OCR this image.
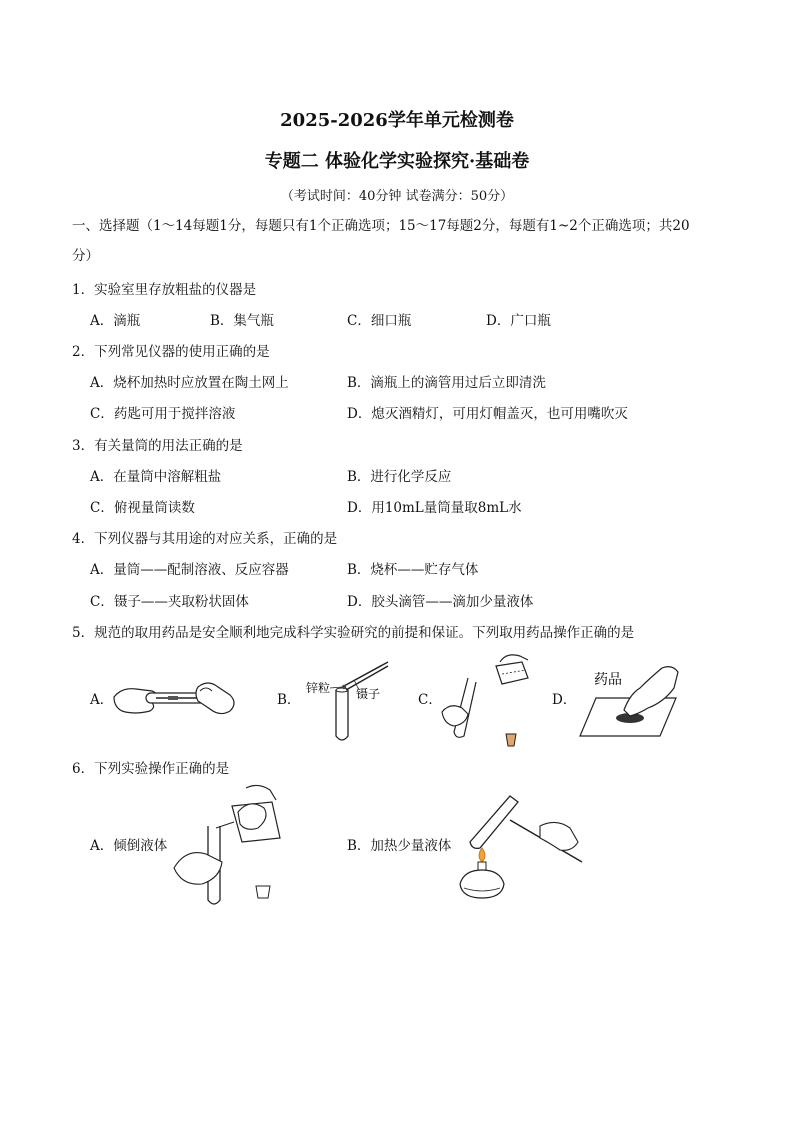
2025-2026学年单元检测卷
专题二 体验化学实验探究·基础卷
（考试时间：40分钟 试卷满分：50分）
一、选择题（1～14每题1分，每题只有1个正确选项；15～17每题2分，每题有1~2个正确选项；共20
分）
1．实验室里存放粗盐的仪器是
A．滴瓶	B．集气瓶	C．细口瓶	D．广口瓶
2．下列常见仪器的使用正确的是
A．烧杯加热时应放置在陶土网上	B．滴瓶上的滴管用过后立即清洗
C．药匙可用于搅拌溶液	D．熄灭酒精灯，可用灯帽盖灭，也可用嘴吹灭
3．有关量筒的用法正确的是
A．在量筒中溶解粗盐	B．进行化学反应
C．俯视量筒读数	D．用10mL量筒量取8mL水
4．下列仪器与其用途的对应关系，正确的是
A．量筒——配制溶液、反应容器	B．烧杯——贮存气体
C．镊子——夹取粉状固体	D．胶头滴管——滴加少量液体
5．规范的取用药品是安全顺利地完成科学实验研究的前提和保证。下列取用药品操作正确的是
A．	B．	C．	D．
锌粒 镊子
药品
6．下列实验操作正确的是
A．倾倒液体	B．加热少量液体
